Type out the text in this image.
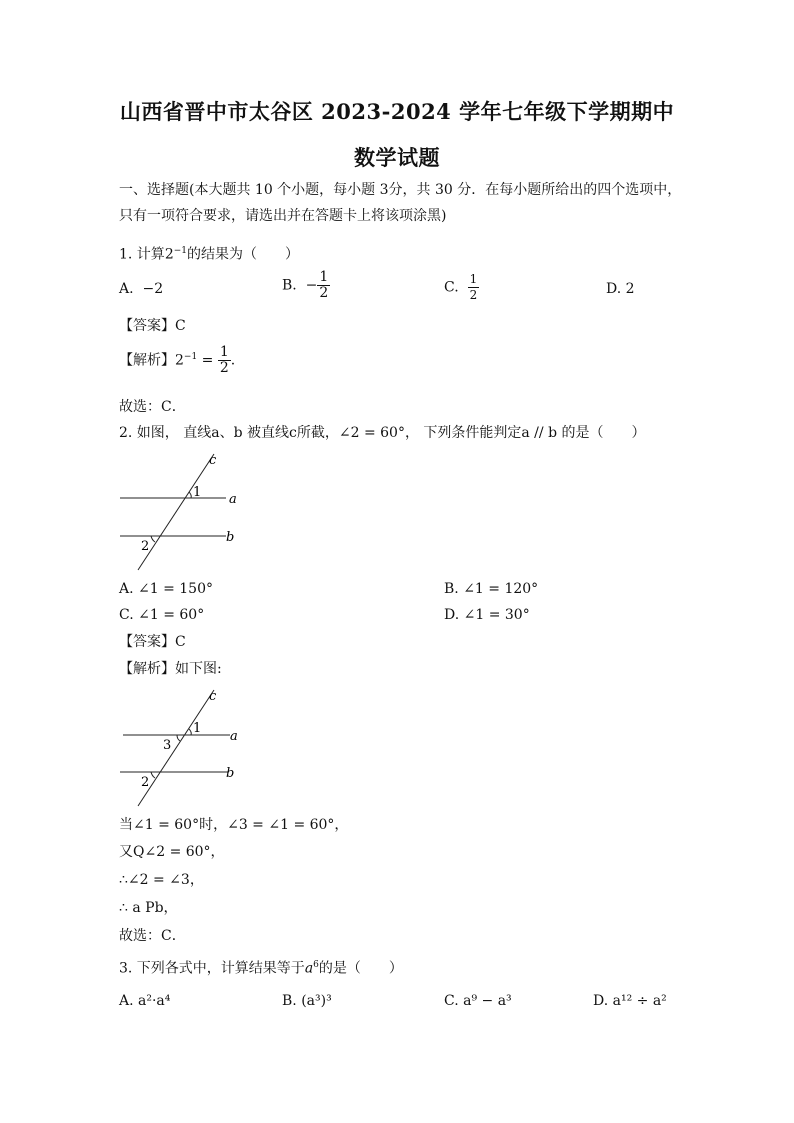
山西省晋中市太谷区 2023-2024 学年七年级下学期期中
数学试题
一、选择题(本大题共 10 个小题，每小题 3分，共 30 分．在每小题所给出的四个选项中，
只有一项符合要求，请选出并在答题卡上将该项涂黑)
1. 计算$2^{-1}$的结果为（　　）
A. −2	B. − $\frac{1}{2}$	C. $\frac{1}{2}$	D. 2
【答案】C
【解析】$2^{-1} = \frac{1}{2}$ .
故选：C．
2. 如图， 直线a、b 被直线c所截，∠2 = 60°， 下列条件能判定a // b 的是（　　）
c
1 a
b
2
A. ∠1 = 150°	B. ∠1 = 120°
C. ∠1 = 60°	D. ∠1 = 30°
【答案】C
【解析】如下图:
c
1
a
3
b
2
当∠1 = 60°时，∠3 = ∠1 = 60°，
又Q∠2 = 60°，
∴∠2 = ∠3，
∴ a Pb，
故选：C．
3. 下列各式中，计算结果等于$a^6$的是（　　）
A. a²·a⁴	B. (a³)³	C. a⁹ − a³	D. a¹² ÷ a²
